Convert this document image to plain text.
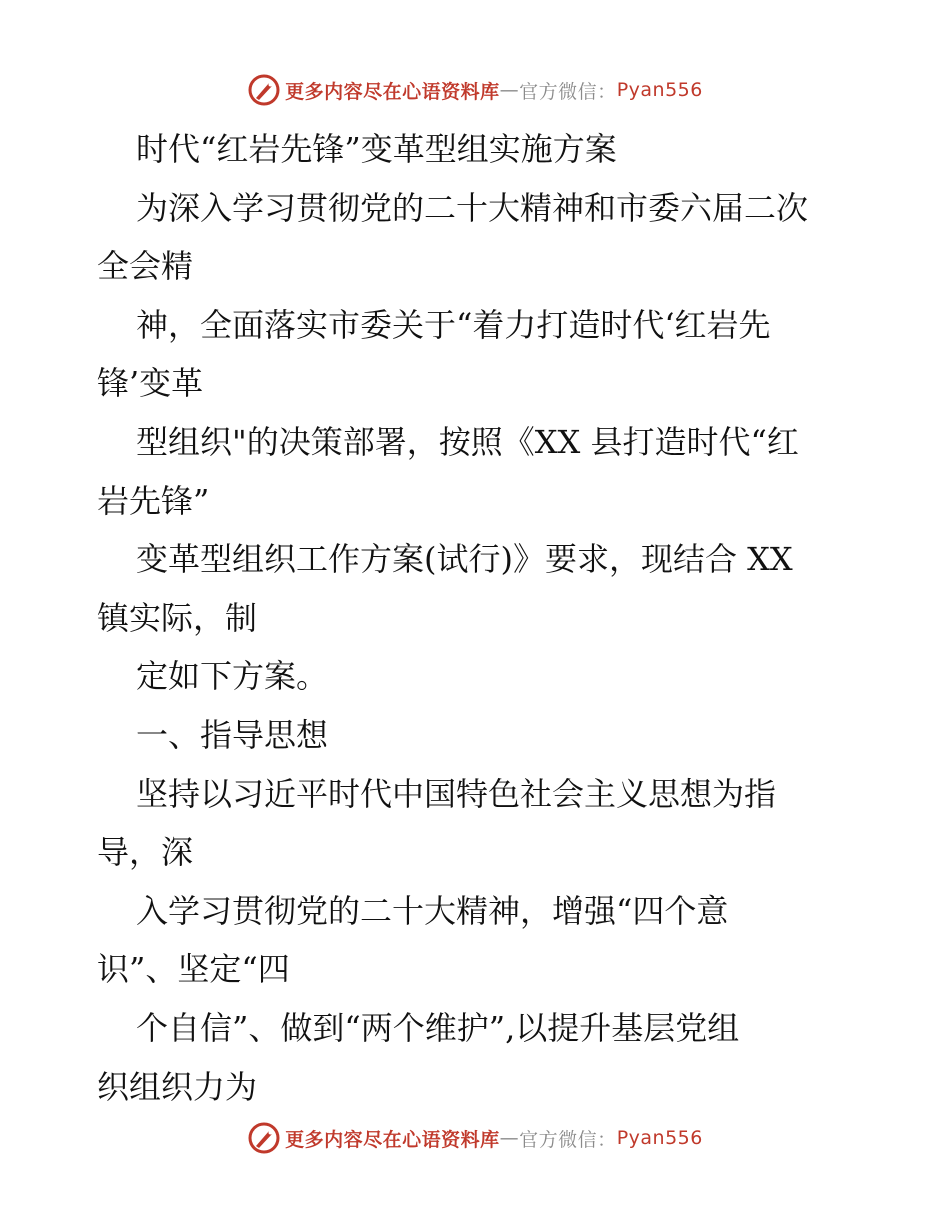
更多内容尽在心语资料库 — 官方微信： Pyan556
时代“红岩先锋”变革型组实施方案
为深入学习贯彻党的二十大精神和市委六届二次
全会精
神，全面落实市委关于“着力打造时代‘红岩先
锋’变革
型组织"的决策部署，按照《XX 县打造时代“红
岩先锋”
变革型组织工作方案(试行)》要求，现结合 XX
镇实际，制
定如下方案。
一、指导思想
坚持以习近平时代中国特色社会主义思想为指
导，深
入学习贯彻党的二十大精神，增强“四个意
识”、坚定“四
个自信”、做到“两个维护”,以提升基层党组
织组织力为
更多内容尽在心语资料库 — 官方微信： Pyan556
